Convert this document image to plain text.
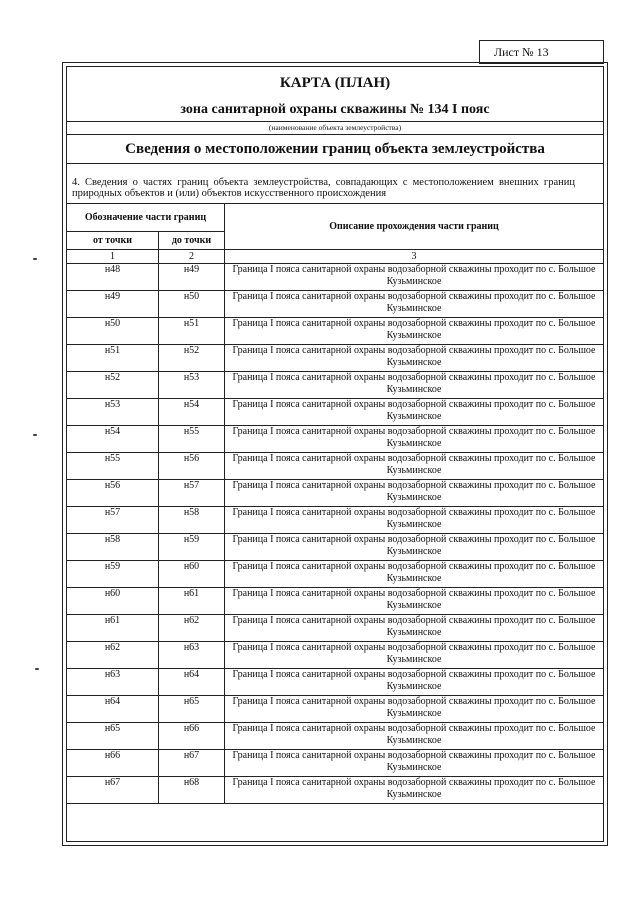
Лист № 13
КАРТА (ПЛАН)
зона санитарной охраны скважины № 134 I пояс
(наименование объекта землеустройства)
Сведения о местоположении границ объекта землеустройства
4. Сведения о частях границ объекта землеустройства, совпадающих с местоположением внешних границ природных объектов и (или) объектов искусственного происхождения
Обозначение части границ		Описание прохождения части границ
от точки	до точки	
1	2	3
н48	н49	Граница I пояса санитарной охраны водозаборной скважины проходит по с. Большое Кузьминское
н49	н50	Граница I пояса санитарной охраны водозаборной скважины проходит по с. Большое Кузьминское
н50	н51	Граница I пояса санитарной охраны водозаборной скважины проходит по с. Большое Кузьминское
н51	н52	Граница I пояса санитарной охраны водозаборной скважины проходит по с. Большое Кузьминское
н52	н53	Граница I пояса санитарной охраны водозаборной скважины проходит по с. Большое Кузьминское
н53	н54	Граница I пояса санитарной охраны водозаборной скважины проходит по с. Большое Кузьминское
н54	н55	Граница I пояса санитарной охраны водозаборной скважины проходит по с. Большое Кузьминское
н55	н56	Граница I пояса санитарной охраны водозаборной скважины проходит по с. Большое Кузьминское
н56	н57	Граница I пояса санитарной охраны водозаборной скважины проходит по с. Большое Кузьминское
н57	н58	Граница I пояса санитарной охраны водозаборной скважины проходит по с. Большое Кузьминское
н58	н59	Граница I пояса санитарной охраны водозаборной скважины проходит по с. Большое Кузьминское
н59	н60	Граница I пояса санитарной охраны водозаборной скважины проходит по с. Большое Кузьминское
н60	н61	Граница I пояса санитарной охраны водозаборной скважины проходит по с. Большое Кузьминское
н61	н62	Граница I пояса санитарной охраны водозаборной скважины проходит по с. Большое Кузьминское
н62	н63	Граница I пояса санитарной охраны водозаборной скважины проходит по с. Большое Кузьминское
н63	н64	Граница I пояса санитарной охраны водозаборной скважины проходит по с. Большое Кузьминское
н64	н65	Граница I пояса санитарной охраны водозаборной скважины проходит по с. Большое Кузьминское
н65	н66	Граница I пояса санитарной охраны водозаборной скважины проходит по с. Большое Кузьминское
н66	н67	Граница I пояса санитарной охраны водозаборной скважины проходит по с. Большое Кузьминское
н67	н68	Граница I пояса санитарной охраны водозаборной скважины проходит по с. Большое Кузьминское
